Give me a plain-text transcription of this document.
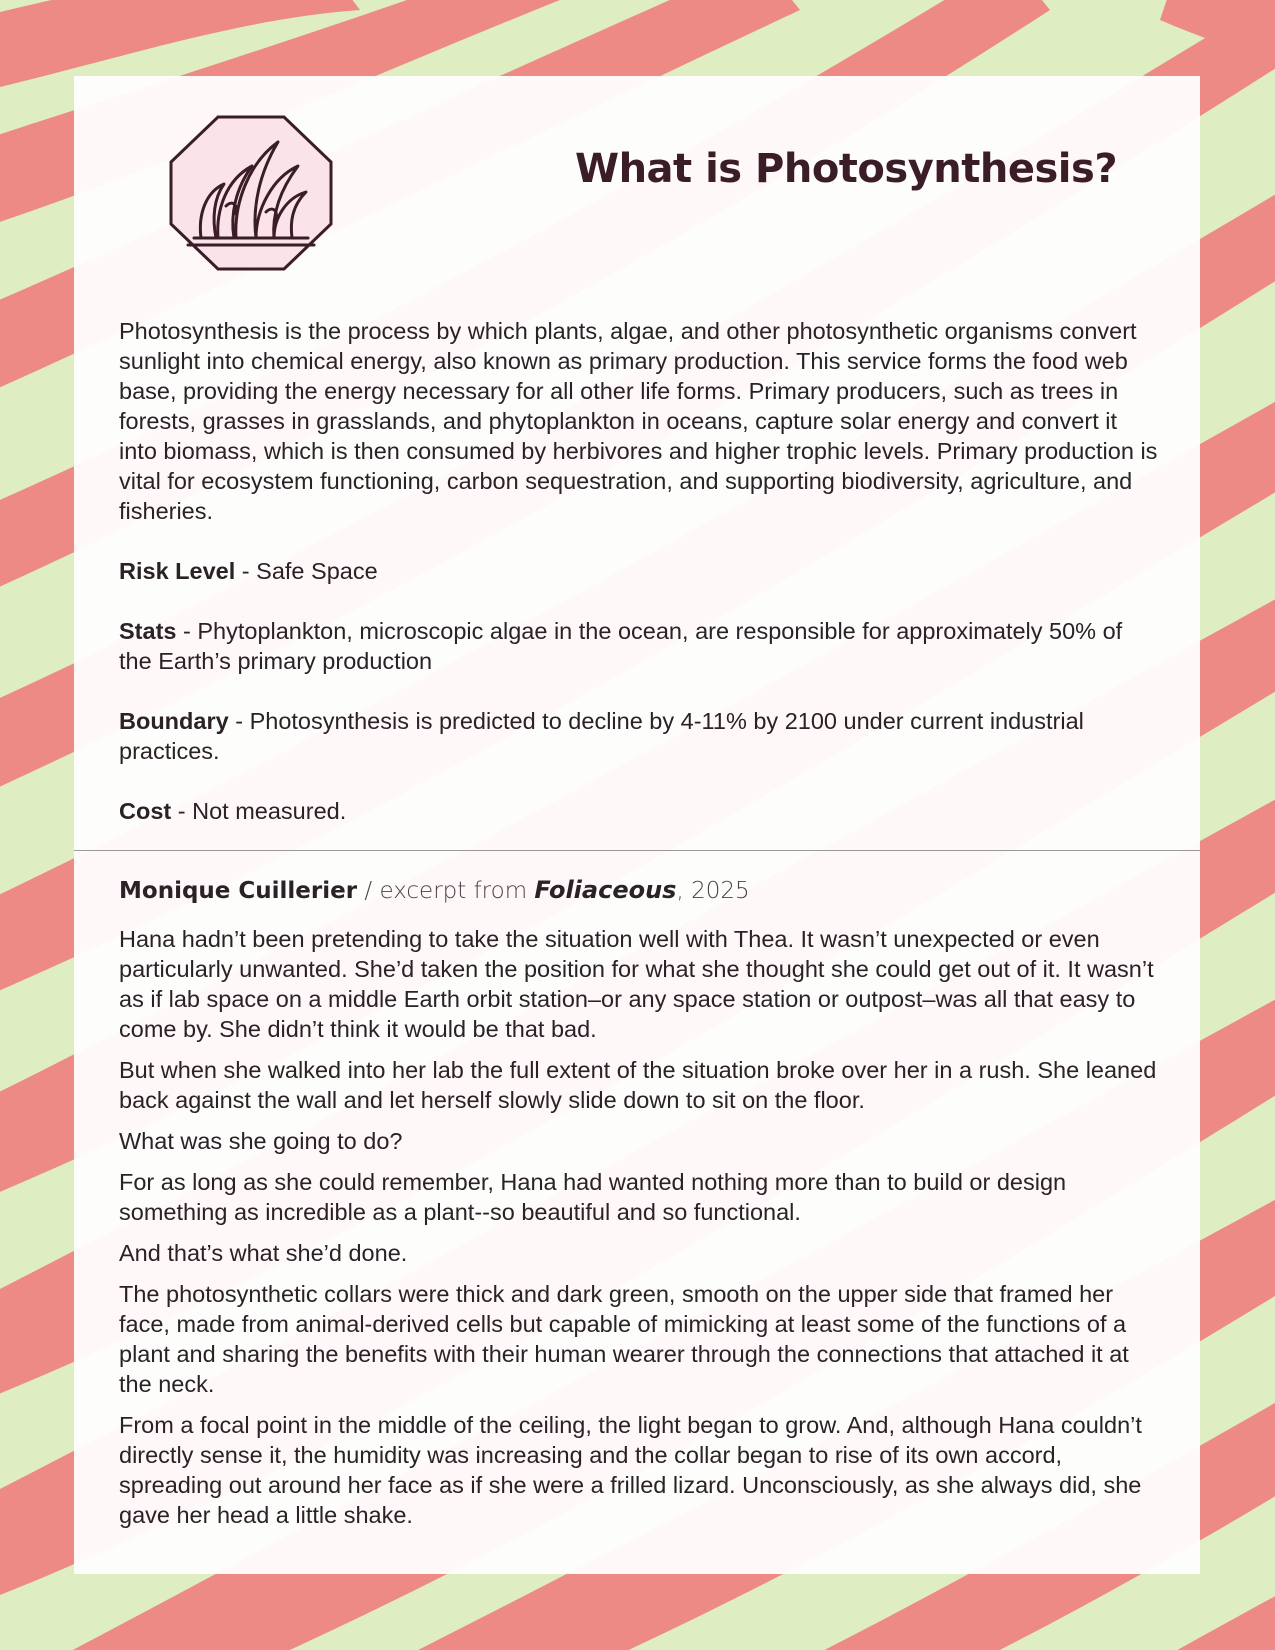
What is Photosynthesis?

Photosynthesis is the process by which plants, algae, and other photosynthetic organisms convert sunlight into chemical energy, also known as primary production. This service forms the food web base, providing the energy necessary for all other life forms. Primary producers, such as trees in forests, grasses in grasslands, and phytoplankton in oceans, capture solar energy and convert it into biomass, which is then consumed by herbivores and higher trophic levels. Primary production is vital for ecosystem functioning, carbon sequestration, and supporting biodiversity, agriculture, and fisheries.

Risk Level - Safe Space

Stats - Phytoplankton, microscopic algae in the ocean, are responsible for approximately 50% of the Earth’s primary production

Boundary - Photosynthesis is predicted to decline by 4-11% by 2100 under current industrial practices.

Cost - Not measured.

Monique Cuillerier / excerpt from Foliaceous, 2025

Hana hadn’t been pretending to take the situation well with Thea. It wasn’t unexpected or even particularly unwanted. She’d taken the position for what she thought she could get out of it. It wasn’t as if lab space on a middle Earth orbit station–or any space station or outpost–was all that easy to come by. She didn’t think it would be that bad.

But when she walked into her lab the full extent of the situation broke over her in a rush. She leaned back against the wall and let herself slowly slide down to sit on the floor.

What was she going to do?

For as long as she could remember, Hana had wanted nothing more than to build or design something as incredible as a plant--so beautiful and so functional.

And that’s what she’d done.

The photosynthetic collars were thick and dark green, smooth on the upper side that framed her face, made from animal-derived cells but capable of mimicking at least some of the functions of a plant and sharing the benefits with their human wearer through the connections that attached it at the neck.

From a focal point in the middle of the ceiling, the light began to grow. And, although Hana couldn’t directly sense it, the humidity was increasing and the collar began to rise of its own accord, spreading out around her face as if she were a frilled lizard. Unconsciously, as she always did, she gave her head a little shake.
